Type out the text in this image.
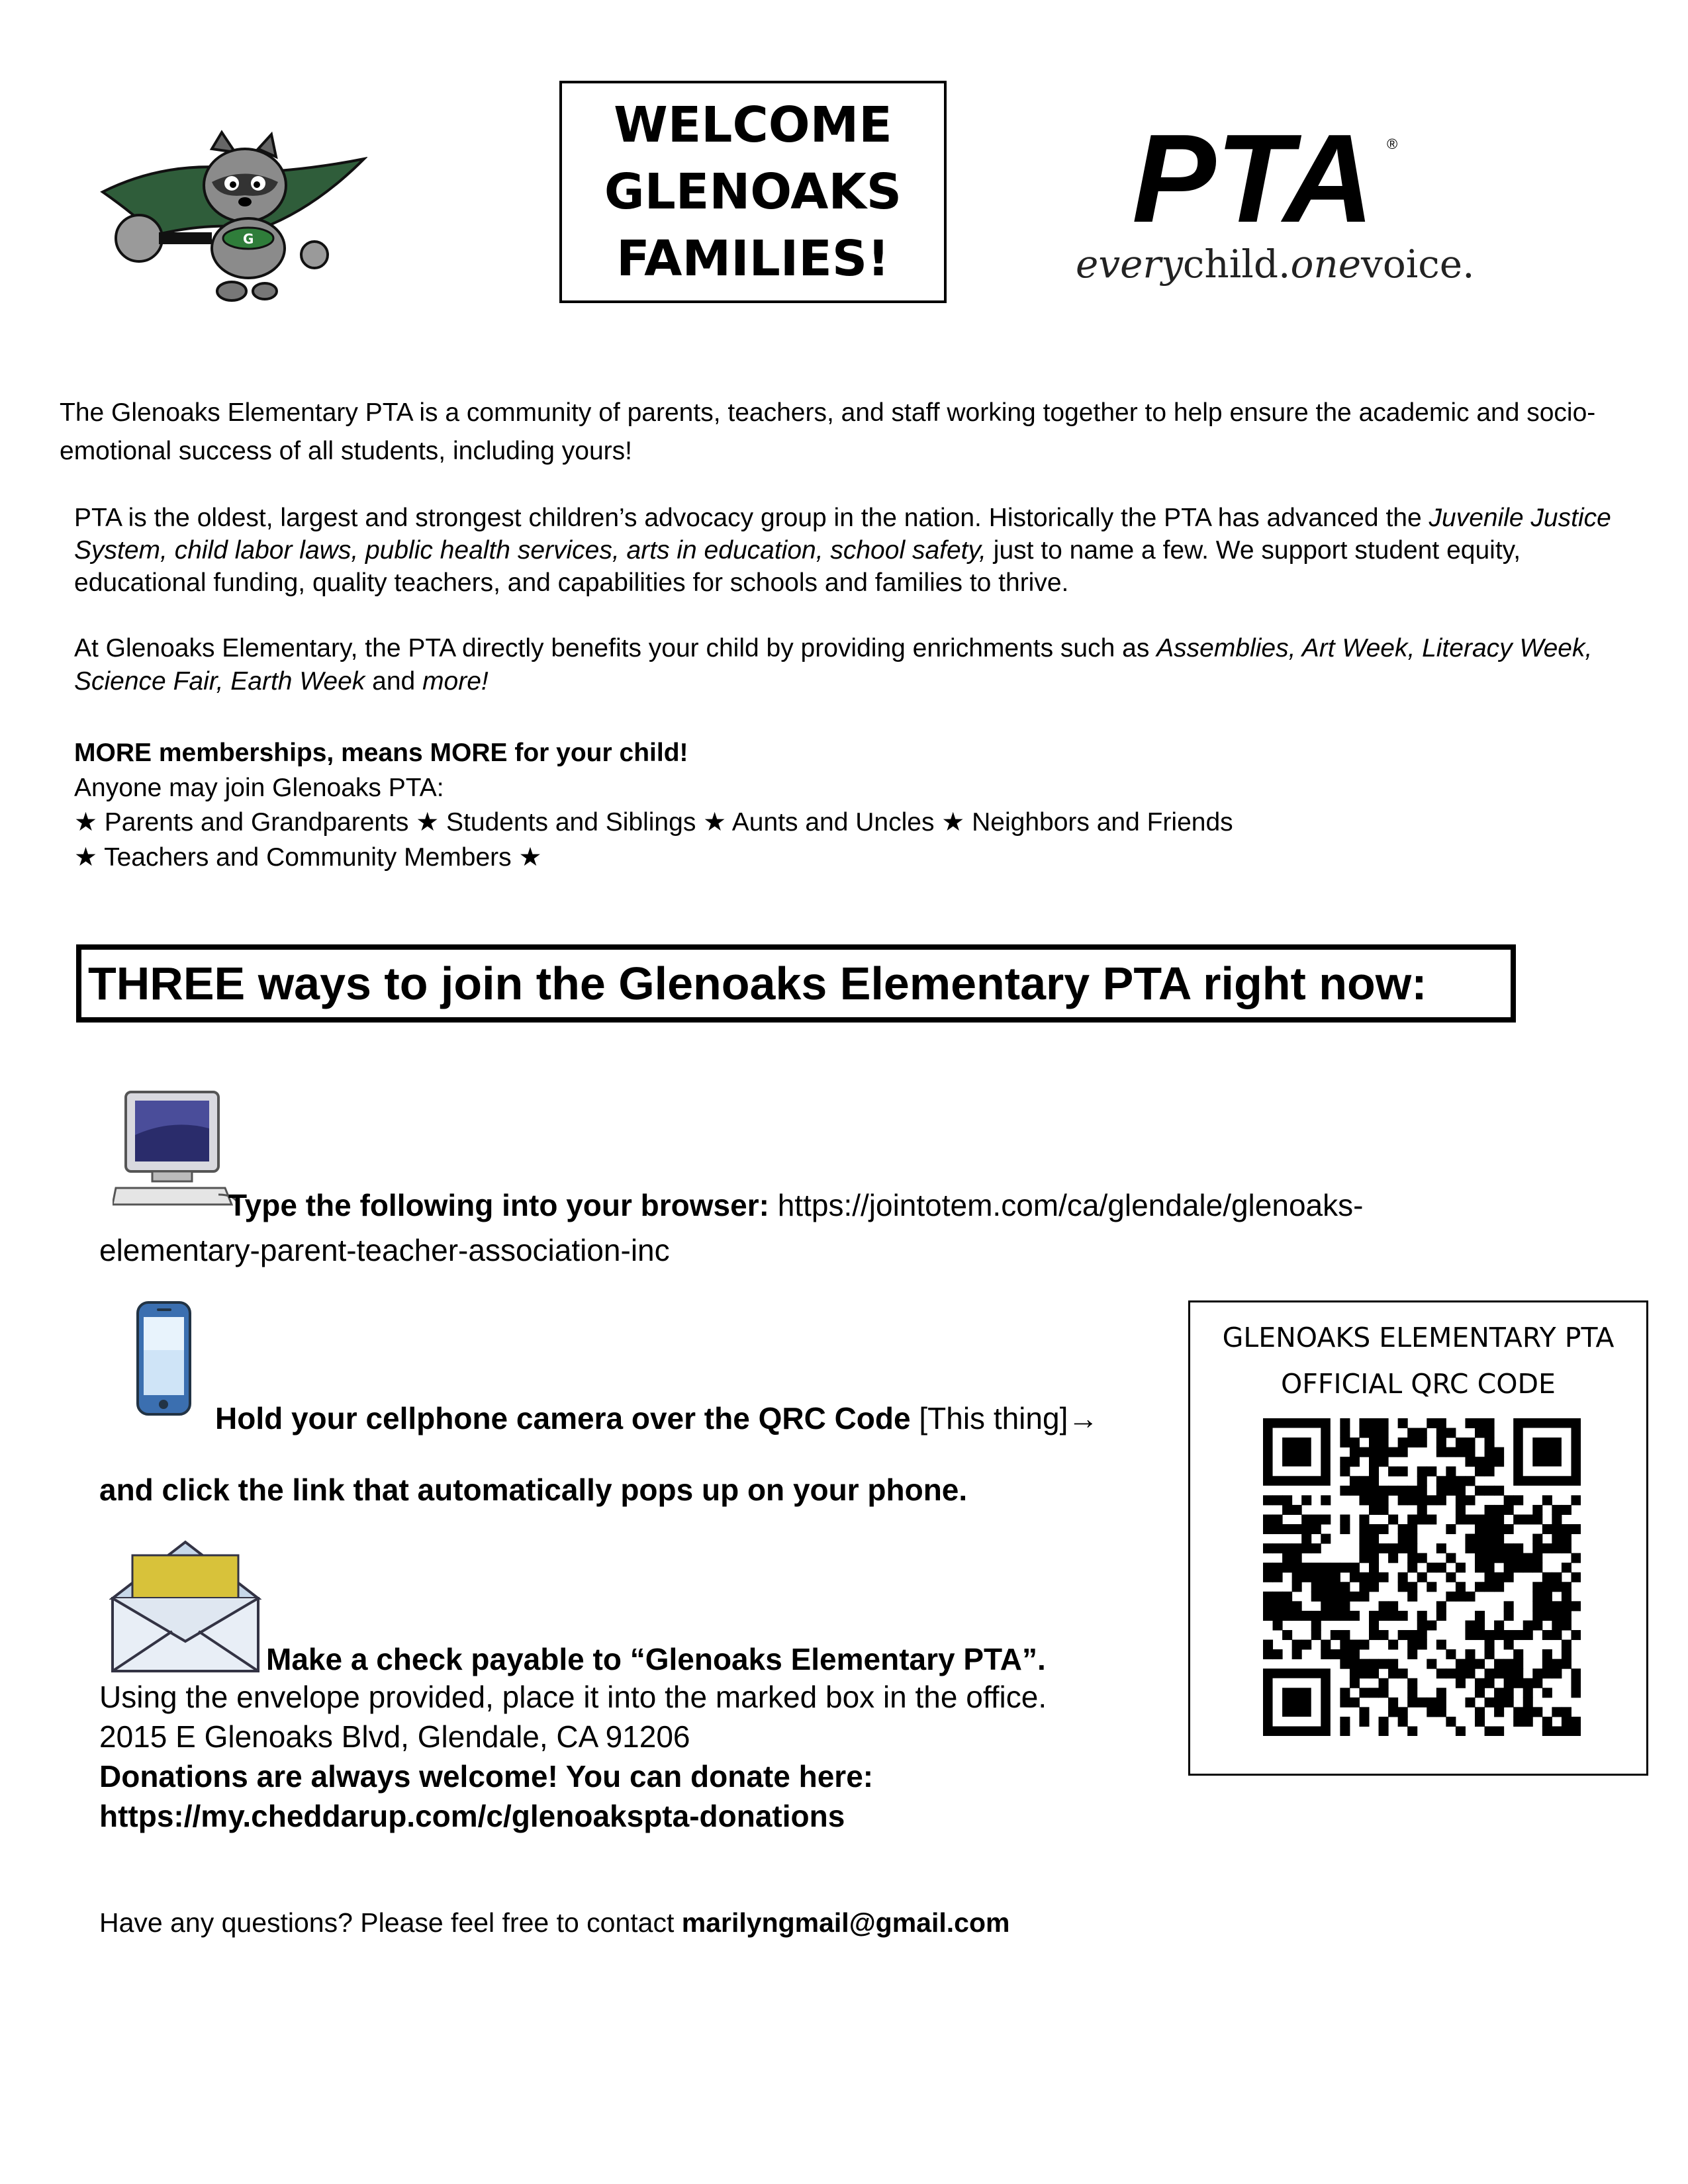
G
WELCOME
GLENOAKS
FAMILIES!
PTA ®
everychild.onevoice.
The Glenoaks Elementary PTA is a community of parents, teachers, and staff working together to help ensure the academic and socio-emotional success of all students, including yours!
PTA is the oldest, largest and strongest children’s advocacy group in the nation. Historically the PTA has advanced the Juvenile Justice System, child labor laws, public health services, arts in education, school safety, just to name a few. We support student equity, educational funding, quality teachers, and capabilities for schools and families to thrive.
At Glenoaks Elementary, the PTA directly benefits your child by providing enrichments such as Assemblies, Art Week, Literacy Week, Science Fair, Earth Week and more!
MORE memberships, means MORE for your child!
Anyone may join Glenoaks PTA:
★ Parents and Grandparents ★ Students and Siblings ★ Aunts and Uncles ★ Neighbors and Friends
★ Teachers and Community Members ★
THREE ways to join the Glenoaks Elementary PTA right now:
Type the following into your browser: https://jointotem.com/ca/glendale/glenoaks-
elementary-parent-teacher-association-inc
Hold your cellphone camera over the QRC Code [This thing]→
and click the link that automatically pops up on your phone.
Make a check payable to “Glenoaks Elementary PTA”.
Using the envelope provided, place it into the marked box in the office.
2015 E Glenoaks Blvd, Glendale, CA 91206
Donations are always welcome! You can donate here:
https://my.cheddarup.com/c/glenoakspta-donations
Have any questions? Please feel free to contact marilyngmail@gmail.com
GLENOAKS ELEMENTARY PTA
OFFICIAL QRC CODE
